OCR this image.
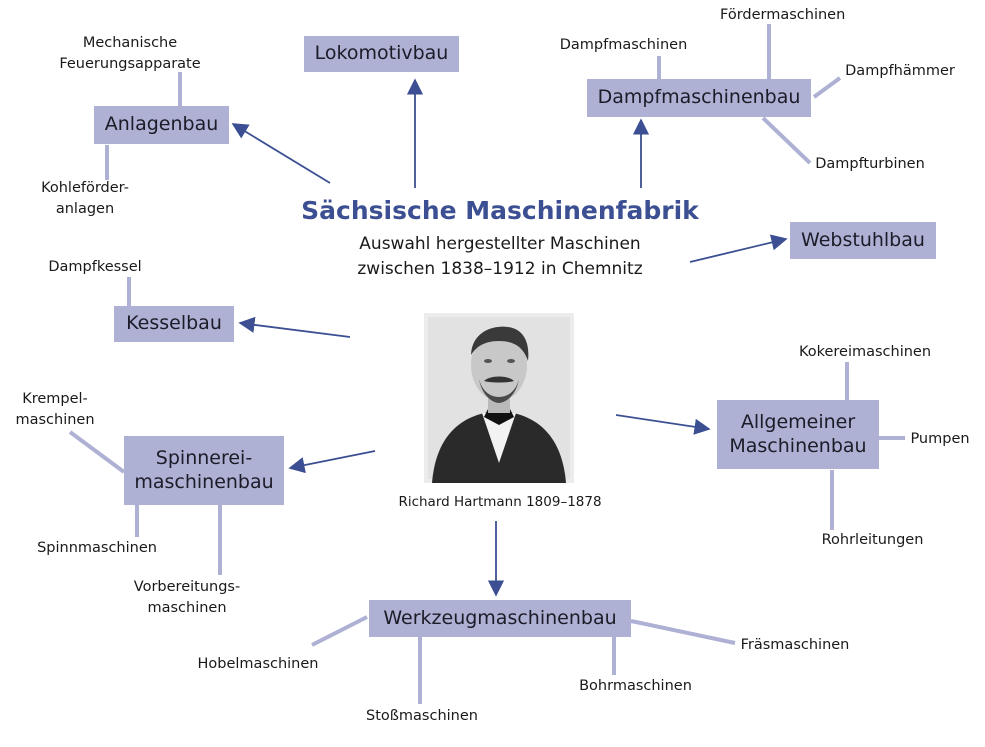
Sächsische Maschinenfabrik
Auswahl hergestellter Maschinen
zwischen 1838–1912 in Chemnitz
Richard Hartmann 1809–1878
Lokomotivbau
Anlagenbau
Dampfmaschinenbau
Webstuhlbau
Kesselbau
Spinnerei-
maschinenbau
Allgemeiner
Maschinenbau
Werkzeugmaschinenbau
Mechanische
Feuerungsapparate
Kohleförder-
anlagen
Dampfkessel
Fördermaschinen
Dampfmaschinen
Dampfhämmer
Dampfturbinen
Krempel-
maschinen
Spinnmaschinen
Vorbereitungs-
maschinen
Kokereimaschinen
Pumpen
Rohrleitungen
Hobelmaschinen
Stoßmaschinen
Bohrmaschinen
Fräsmaschinen
